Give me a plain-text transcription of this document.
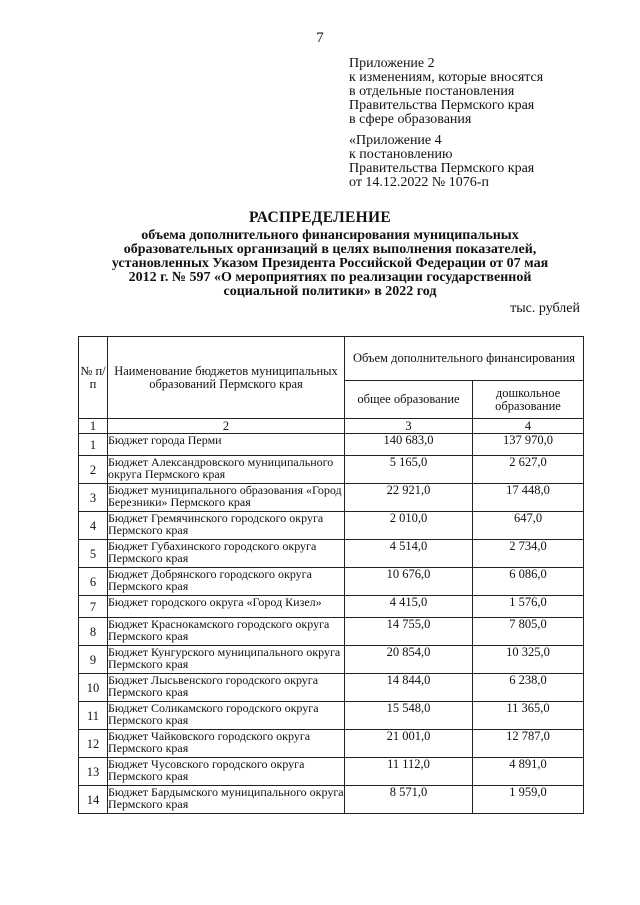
7
Приложение 2
к изменениям, которые вносятся
в отдельные постановления
Правительства Пермского края
в сфере образования
«Приложение 4
к постановлению
Правительства Пермского края
от 14.12.2022 № 1076-п
РАСПРЕДЕЛЕНИЕ
объема дополнительного финансирования муниципальных образовательных организаций в целях выполнения показателей, установленных Указом Президента Российской Федерации от 07 мая 2012 г. № 597 «О мероприятиях по реализации государственной социальной политики» в 2022 год
тыс. рублей
№ п/п	Наименование бюджетов муниципальных образований Пермского края	Объем дополнительного финансирования	
		общее образование	дошкольное образование
1	2	3	4
1	Бюджет города Перми	140 683,0	137 970,0
2	Бюджет Александровского муниципального округа Пермского края	5 165,0	2 627,0
3	Бюджет муниципального образования «Город Березники» Пермского края	22 921,0	17 448,0
4	Бюджет Гремячинского городского округа Пермского края	2 010,0	647,0
5	Бюджет Губахинского городского округа Пермского края	4 514,0	2 734,0
6	Бюджет Добрянского городского округа Пермского края	10 676,0	6 086,0
7	Бюджет городского округа «Город Кизел»	4 415,0	1 576,0
8	Бюджет Краснокамского городского округа Пермского края	14 755,0	7 805,0
9	Бюджет Кунгурского муниципального округа Пермского края	20 854,0	10 325,0
10	Бюджет Лысьвенского городского округа Пермского края	14 844,0	6 238,0
11	Бюджет Соликамского городского округа Пермского края	15 548,0	11 365,0
12	Бюджет Чайковского городского округа Пермского края	21 001,0	12 787,0
13	Бюджет Чусовского городского округа Пермского края	11 112,0	4 891,0
14	Бюджет Бардымского муниципального округа Пермского края	8 571,0	1 959,0
